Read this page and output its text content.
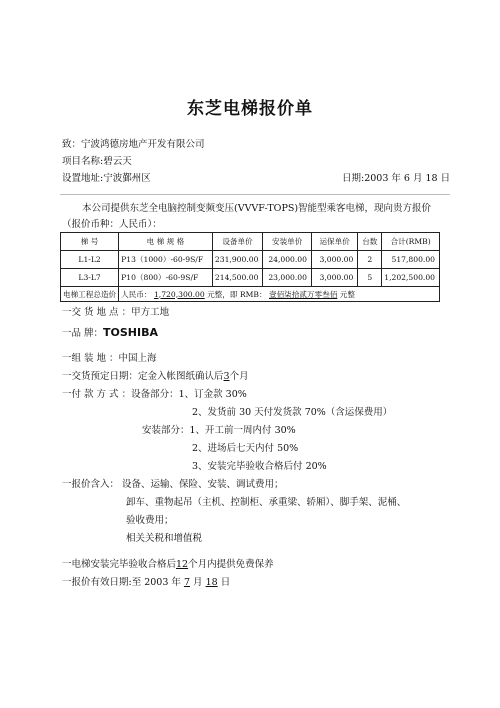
东芝电梯报价单
致：宁波鸿德房地产开发有限公司
项目名称:碧云天
设置地址:宁波鄞州区	日期:2003 年 6 月 18 日
本公司提供东芝全电脑控制变频变压(VVVF-TOPS)智能型乘客电梯，现向贵方报价
（报价币种：人民币）：
梯 号	电 梯 规 格	设备单价	安装单价	运保单价	台数	合计(RMB)
L1-L2	P13（1000）-60-9S/F	231,900.00	24,000.00	3,000.00	2	517,800.00
L3-L7	P10（800）-60-9S/F	214,500.00	23,000.00	3,000.00	5	1,202,500.00
电梯工程总造价	人民币： 1,720,300.00 元整，即 RMB： 壹佰柒拾贰万零叁佰 元整					
一交 货 地 点 ：甲方工地
一品 牌：TOSHIBA
一组 装 地 ：中国上海
一交货预定日期：定金入帐图纸确认后3个月
一付 款 方 式 ：设备部分：1、订金款 30%
2、发货前 30 天付发货款 70%（含运保费用）
安装部分：1、开工前一周内付 30%
2、进场后七天内付 50%
3、安装完毕验收合格后付 20%
一报价含入： 设备、运输、保险、安装、调试费用；
卸车、重物起吊（主机、控制柜、承重梁、轿厢）、脚手架、泥桶、
验收费用；
相关关税和增值税
一电梯安装完毕验收合格后12个月内提供免费保养
一报价有效日期:至 2003 年 7 月 18 日
